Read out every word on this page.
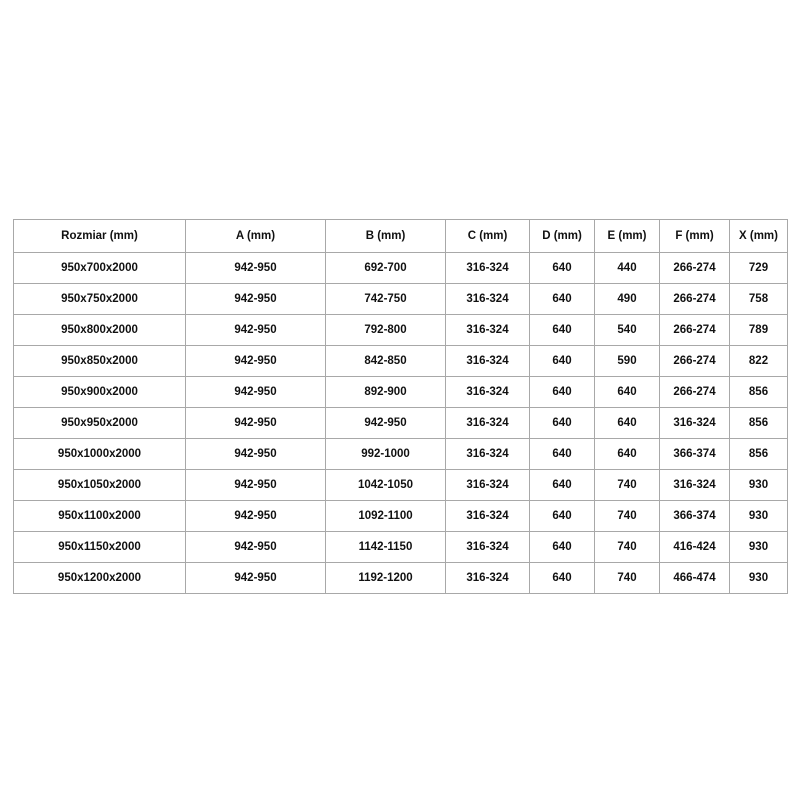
Rozmiar (mm)	A (mm)	B (mm)	C (mm)	D (mm)	E (mm)	F (mm)	X (mm)
950x700x2000	942-950	692-700	316-324	640	440	266-274	729
950x750x2000	942-950	742-750	316-324	640	490	266-274	758
950x800x2000	942-950	792-800	316-324	640	540	266-274	789
950x850x2000	942-950	842-850	316-324	640	590	266-274	822
950x900x2000	942-950	892-900	316-324	640	640	266-274	856
950x950x2000	942-950	942-950	316-324	640	640	316-324	856
950x1000x2000	942-950	992-1000	316-324	640	640	366-374	856
950x1050x2000	942-950	1042-1050	316-324	640	740	316-324	930
950x1100x2000	942-950	1092-1100	316-324	640	740	366-374	930
950x1150x2000	942-950	1142-1150	316-324	640	740	416-424	930
950x1200x2000	942-950	1192-1200	316-324	640	740	466-474	930
